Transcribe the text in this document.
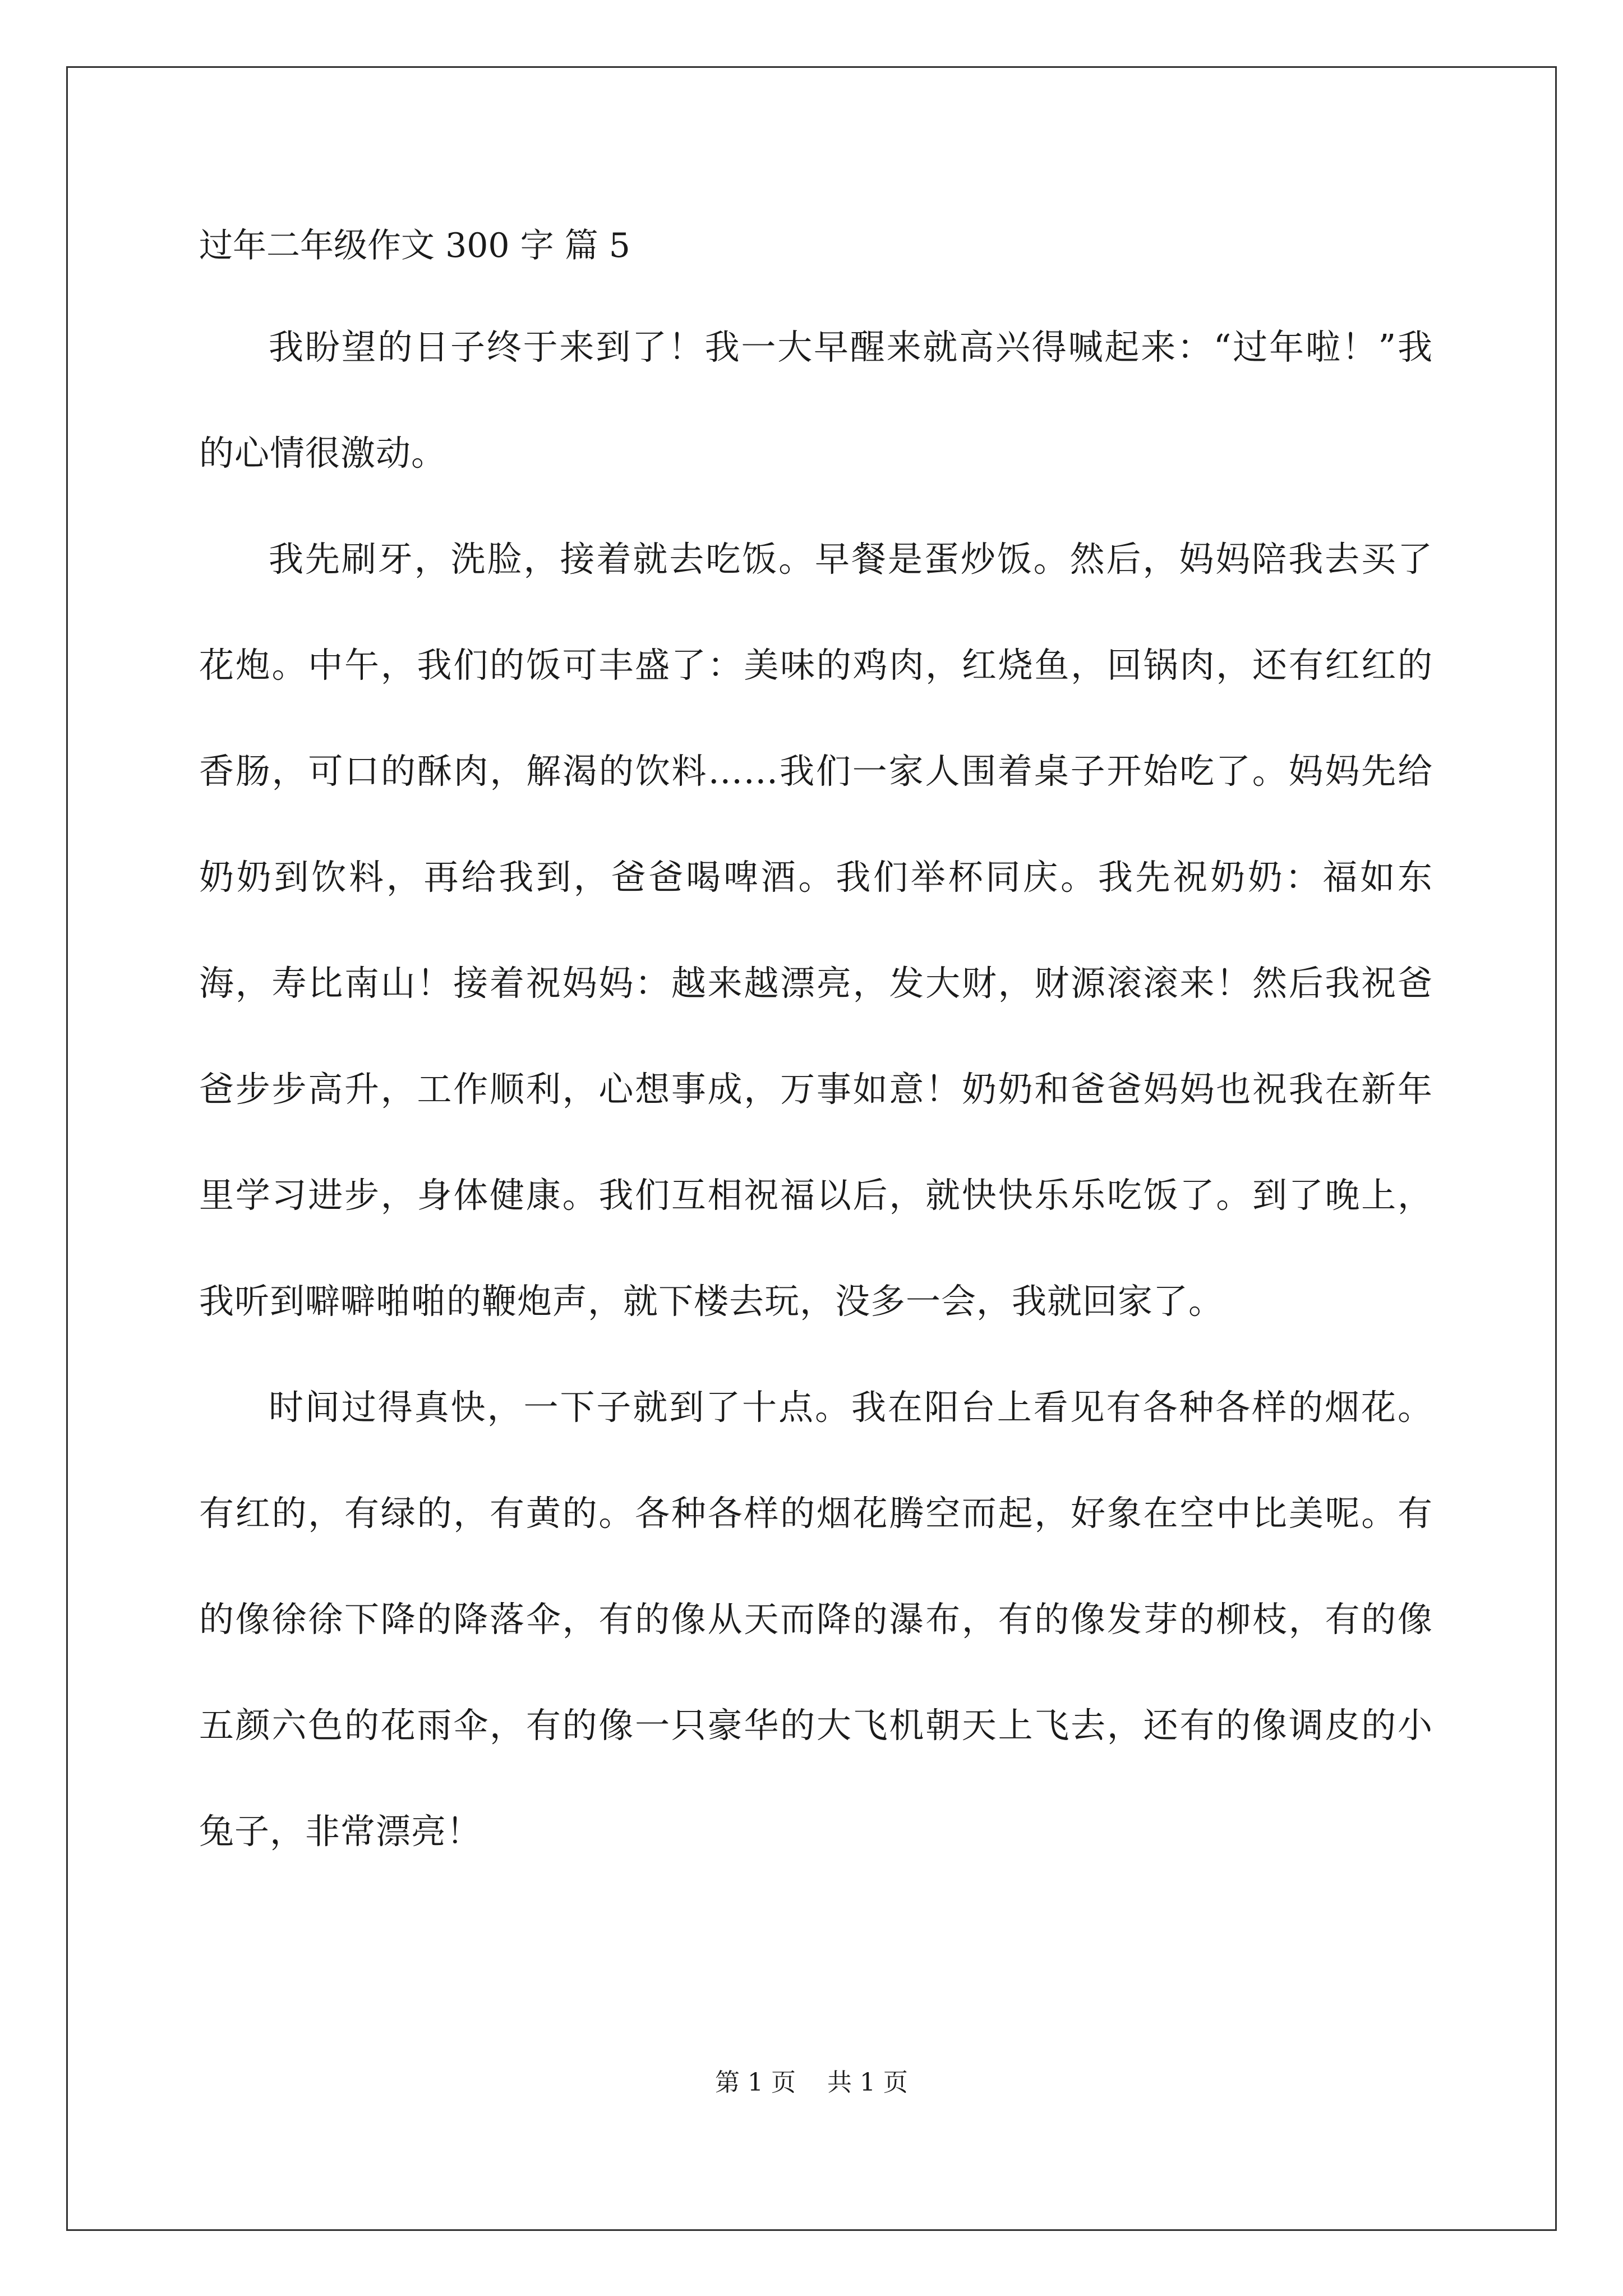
过年二年级作文 300 字 篇 5

我盼望的日子终于来到了！我一大早醒来就高兴得喊起来：“过年啦！”我的心情很激动。

我先刷牙，洗脸，接着就去吃饭。早餐是蛋炒饭。然后，妈妈陪我去买了花炮。中午，我们的饭可丰盛了：美味的鸡肉，红烧鱼，回锅肉，还有红红的香肠，可口的酥肉，解渴的饮料……我们一家人围着桌子开始吃了。妈妈先给奶奶到饮料，再给我到，爸爸喝啤酒。我们举杯同庆。我先祝奶奶：福如东海，寿比南山！接着祝妈妈：越来越漂亮，发大财，财源滚滚来！然后我祝爸爸步步高升，工作顺利，心想事成，万事如意！奶奶和爸爸妈妈也祝我在新年里学习进步，身体健康。我们互相祝福以后，就快快乐乐吃饭了。到了晚上，我听到噼噼啪啪的鞭炮声，就下楼去玩，没多一会，我就回家了。

时间过得真快，一下子就到了十点。我在阳台上看见有各种各样的烟花。有红的，有绿的，有黄的。各种各样的烟花腾空而起，好象在空中比美呢。有的像徐徐下降的降落伞，有的像从天而降的瀑布，有的像发芽的柳枝，有的像五颜六色的花雨伞，有的像一只豪华的大飞机朝天上飞去，还有的像调皮的小兔子，非常漂亮！

第 1 页    共 1 页
